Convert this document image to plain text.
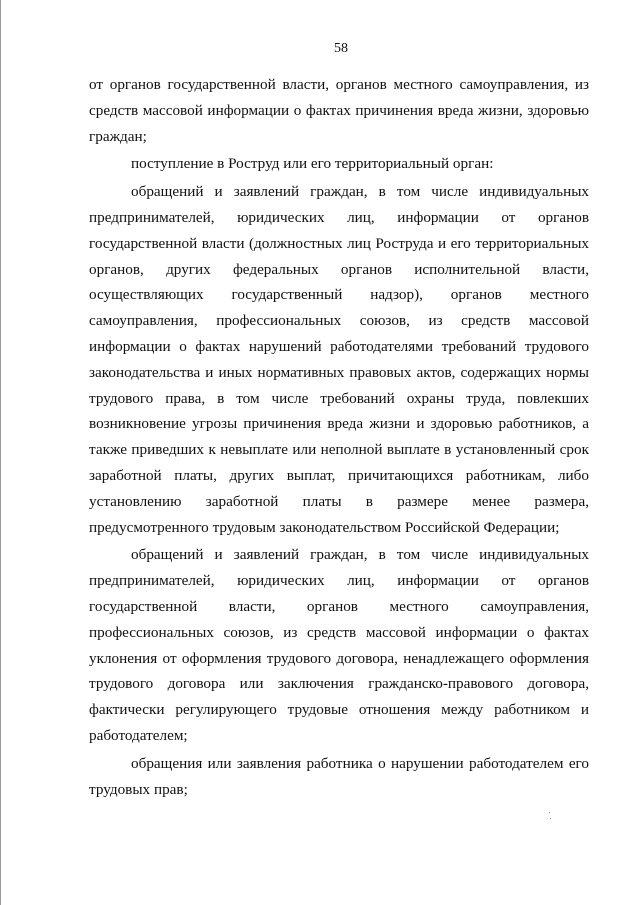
58

от органов государственной власти, органов местного самоуправления, из средств массовой информации о фактах причинения вреда жизни, здоровью граждан;

поступление в Роструд или его территориальный орган:

обращений и заявлений граждан, в том числе индивидуальных предпринимателей, юридических лиц, информации от органов государственной власти (должностных лиц Роструда и его территориальных органов, других федеральных органов исполнительной власти, осуществляющих государственный надзор), органов местного самоуправления, профессиональных союзов, из средств массовой информации о фактах нарушений работодателями требований трудового законодательства и иных нормативных правовых актов, содержащих нормы трудового права, в том числе требований охраны труда, повлекших возникновение угрозы причинения вреда жизни и здоровью работников, а также приведших к невыплате или неполной выплате в установленный срок заработной платы, других выплат, причитающихся работникам, либо установлению заработной платы в размере менее размера, предусмотренного трудовым законодательством Российской Федерации;

обращений и заявлений граждан, в том числе индивидуальных предпринимателей, юридических лиц, информации от органов государственной власти, органов местного самоуправления, профессиональных союзов, из средств массовой информации о фактах уклонения от оформления трудового договора, ненадлежащего оформления трудового договора или заключения гражданско-правового договора, фактически регулирующего трудовые отношения между работником и работодателем;

обращения или заявления работника о нарушении работодателем его трудовых прав;
